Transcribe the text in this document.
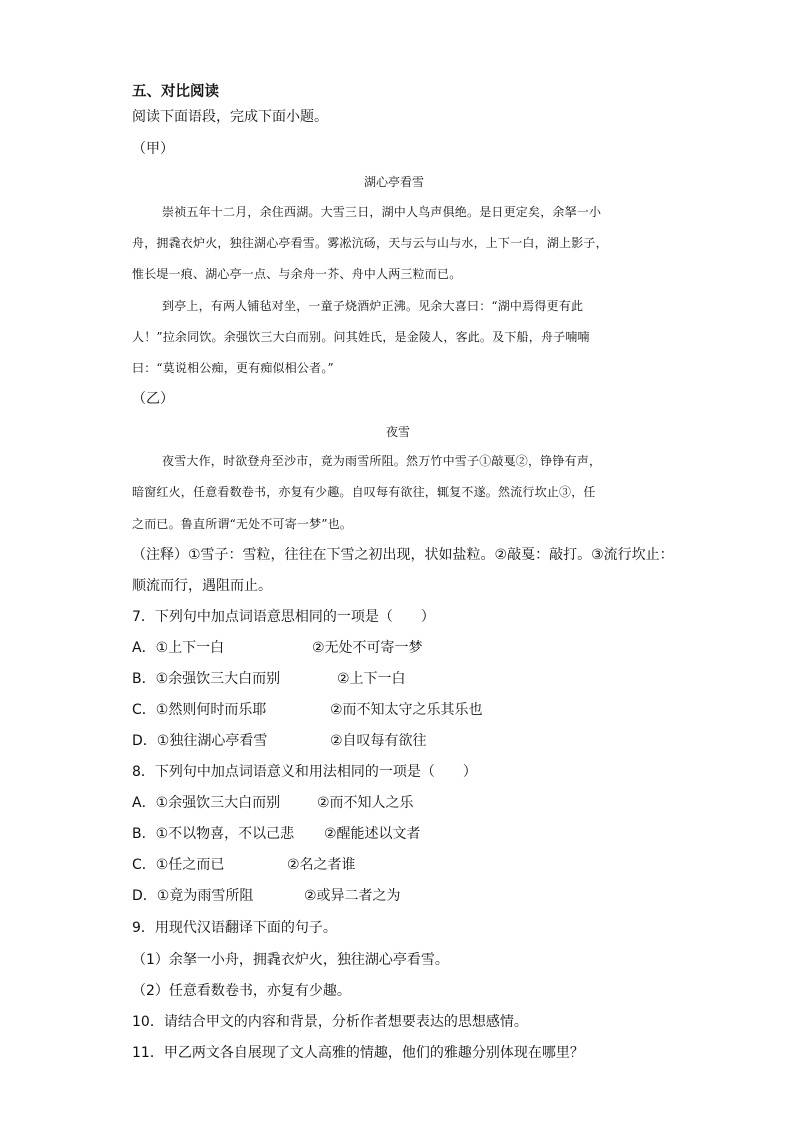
五、对比阅读
阅读下面语段，完成下面小题。
（甲）
湖心亭看雪
崇祯五年十二月，余住西湖。大雪三日，湖中人鸟声俱绝。是日更定矣，余拏一小
舟，拥毳衣炉火，独往湖心亭看雪。雾凇沆砀，天与云与山与水，上下一白，湖上影子，
惟长堤一痕、湖心亭一点、与余舟一芥、舟中人两三粒而已。
到亭上，有两人铺毡对坐，一童子烧酒炉正沸。见余大喜曰：“湖中焉得更有此
人！”拉余同饮。余强饮三大白而别。问其姓氏，是金陵人，客此。及下船，舟子喃喃
曰：“莫说相公痴，更有痴似相公者。”
（乙）
夜雪
夜雪大作，时欲登舟至沙市，竟为雨雪所阻。然万竹中雪子①敲戛②，铮铮有声，
暗窗红火，任意看数卷书，亦复有少趣。自叹每有欲往，辄复不遂。然流行坎止③，任
之而已。鲁直所谓“无处不可寄一梦”也。
（注释）①雪子：雪粒，往往在下雪之初出现，状如盐粒。②敲戛：敲打。③流行坎止：
顺流而行，遇阻而止。
7．下列句中加点词语意思相同的一项是（　　）
A．①上下一白	②无处不可寄一梦
B．①余强饮三大白而别	②上下一白
C．①然则何时而乐耶	②而不知太守之乐其乐也
D．①独往湖心亭看雪	②自叹每有欲往
8．下列句中加点词语意义和用法相同的一项是（　　）
A．①余强饮三大白而别	②而不知人之乐
B．①不以物喜，不以己悲 ②醒能述以文者
C．①任之而已	②名之者谁
D．①竟为雨雪所阻	②或异二者之为
9．用现代汉语翻译下面的句子。
（1）余拏一小舟，拥毳衣炉火，独往湖心亭看雪。
（2）任意看数卷书，亦复有少趣。
10．请结合甲文的内容和背景，分析作者想要表达的思想感情。
11．甲乙两文各自展现了文人高雅的情趣，他们的雅趣分别体现在哪里？
